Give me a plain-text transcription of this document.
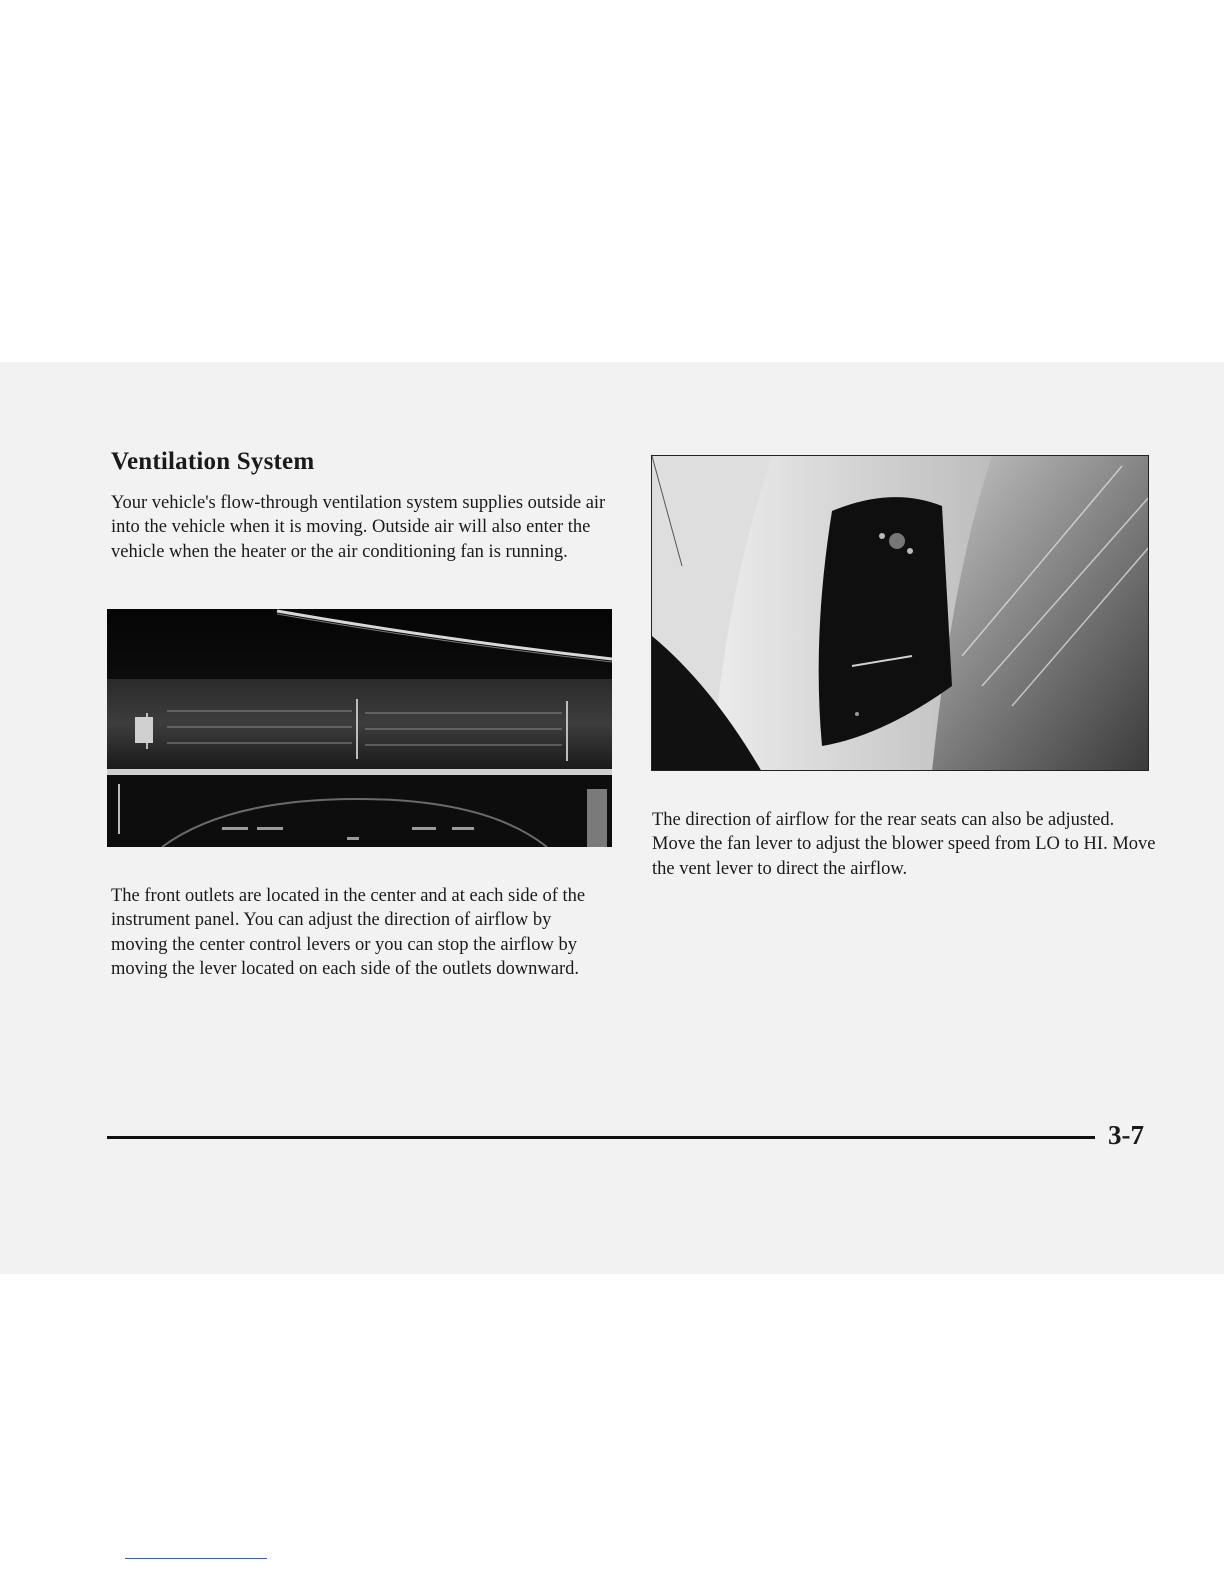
Ventilation System

Your vehicle's flow-through ventilation system supplies outside air into the vehicle when it is moving. Outside air will also enter the vehicle when the heater or the air conditioning fan is running.

The front outlets are located in the center and at each side of the instrument panel. You can adjust the direction of airflow by moving the center control levers or you can stop the airflow by moving the lever located on each side of the outlets downward.

The direction of airflow for the rear seats can also be adjusted. Move the fan lever to adjust the blower speed from LO to HI. Move the vent lever to direct the airflow.

3-7
